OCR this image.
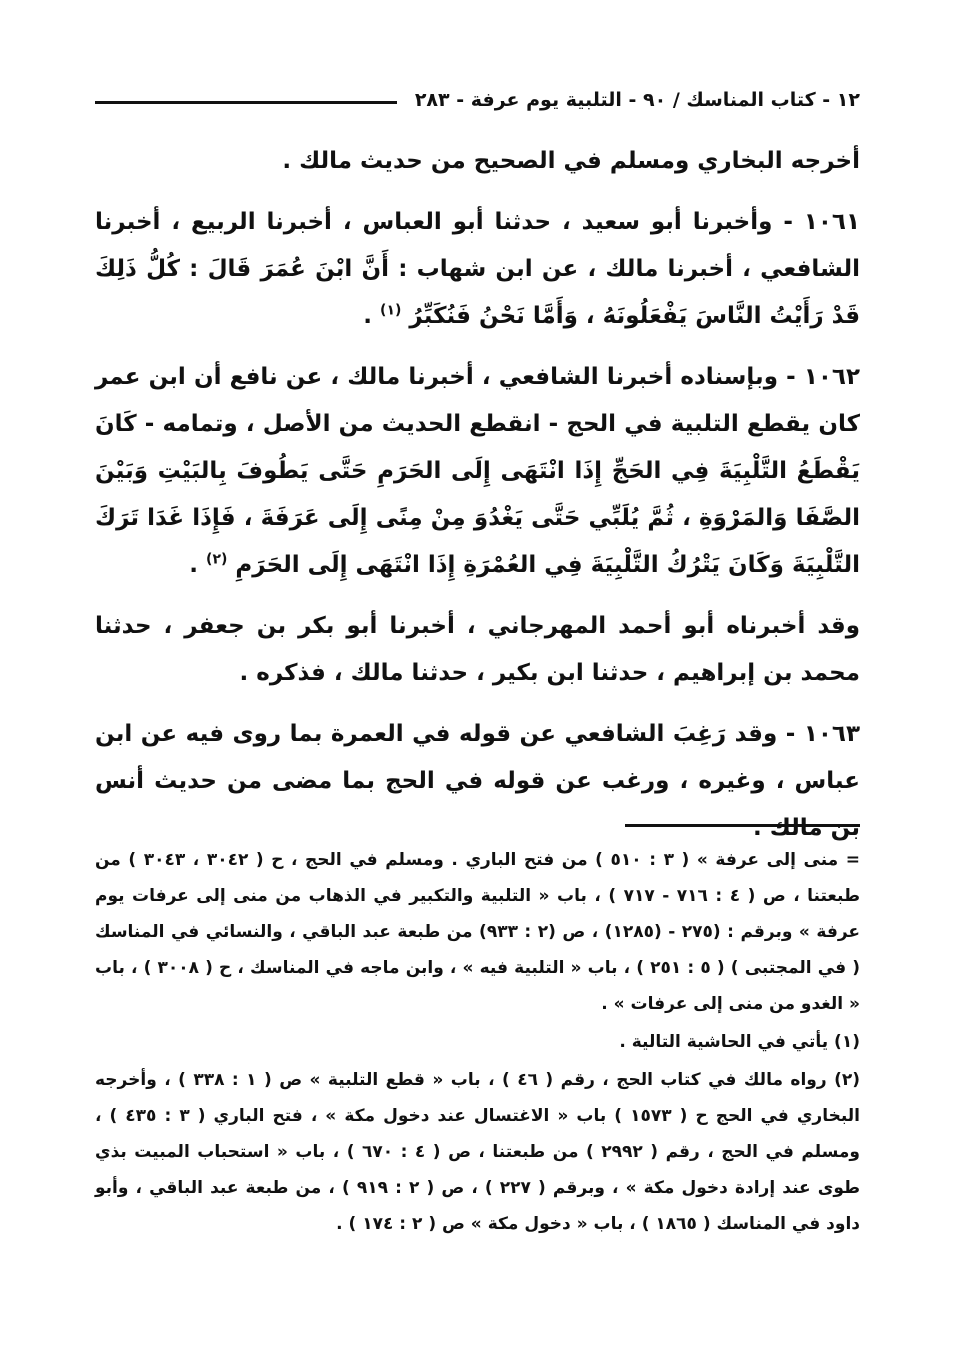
١٢ - كتاب المناسك / ٩٠ - التلبية يوم عرفة - ٢٨٣

أخرجه البخاري ومسلم في الصحيح من حديث مالك .

١٠٦١ - وأخبرنا أبو سعيد ، حدثنا أبو العباس ، أخبرنا الربيع ، أخبرنا الشافعي ، أخبرنا مالك ، عن ابن شهاب : أَنَّ ابْنَ عُمَرَ قَالَ : كُلُّ ذَلِكَ قَدْ رَأَيْتُ النَّاسَ يَفْعَلُونَهُ ، وَأَمَّا نَحْنُ فَنُكَبِّرُ $^{(١)}$ .

١٠٦٢ - وبإسناده أخبرنا الشافعي ، أخبرنا مالك ، عن نافع أن ابن عمر كان يقطع التلبية في الحج - انقطع الحديث من الأصل ، وتمامه - كَانَ يَقْطَعُ التَّلْبِيَةَ فِي الحَجِّ إِذَا انْتَهَى إِلَى الحَرَمِ حَتَّى يَطُوفَ بِالبَيْتِ وَبَيْنَ الصَّفَا وَالمَرْوَةِ ، ثُمَّ يُلَبِّي حَتَّى يَغْدُوَ مِنْ مِنًى إِلَى عَرَفَةَ ، فَإِذَا غَدَا تَرَكَ التَّلْبِيَةَ وَكَانَ يَتْرُكُ التَّلْبِيَةَ فِي العُمْرَةِ إِذَا انْتَهَى إِلَى الحَرَمِ $^{(٢)}$ .

وقد أخبرناه أبو أحمد المهرجاني ، أخبرنا أبو بكر بن جعفر ، حدثنا محمد بن إبراهيم ، حدثنا ابن بكير ، حدثنا مالك ، فذكره .

١٠٦٣ - وقد رَغِبَ الشافعي عن قوله في العمرة بما روى فيه عن ابن عباس ، وغيره ، ورغب عن قوله في الحج بما مضى من حديث أنس بن مالك .

= منى إلى عرفة » ( ٣ : ٥١٠ ) من فتح الباري . ومسلم في الحج ، ح ( ٣٠٤٢ ، ٣٠٤٣ ) من طبعتنا ، ص ( ٤ : ٧١٦ - ٧١٧ ) ، باب « التلبية والتكبير في الذهاب من منى إلى عرفات يوم عرفة » وبرقم : (٢٧٥ - (١٢٨٥) ، ص (٢ : ٩٣٣) من طبعة عبد الباقي ، والنسائي في المناسك ( في المجتبى ) ( ٥ : ٢٥١ ) ، باب « التلبية فيه » ، وابن ماجه في المناسك ، ح ( ٣٠٠٨ ) ، باب « الغدو من منى إلى عرفات » .

(١) يأتي في الحاشية التالية .

(٢) رواه مالك في كتاب الحج ، رقم ( ٤٦ ) ، باب « قطع التلبية » ص ( ١ : ٣٣٨ ) ، وأخرجه البخاري في الحج ح ( ١٥٧٣ ) باب « الاغتسال عند دخول مكة » ، فتح الباري ( ٣ : ٤٣٥ ) ، ومسلم في الحج ، رقم ( ٢٩٩٢ ) من طبعتنا ، ص ( ٤ : ٦٧٠ ) ، باب « استحباب المبيت بذي طوى عند إرادة دخول مكة » ، وبرقم ( ٢٢٧ ) ، ص ( ٢ : ٩١٩ ) ، من طبعة عبد الباقي ، وأبو داود في المناسك ( ١٨٦٥ ) ، باب « دخول مكة » ص ( ٢ : ١٧٤ ) .
